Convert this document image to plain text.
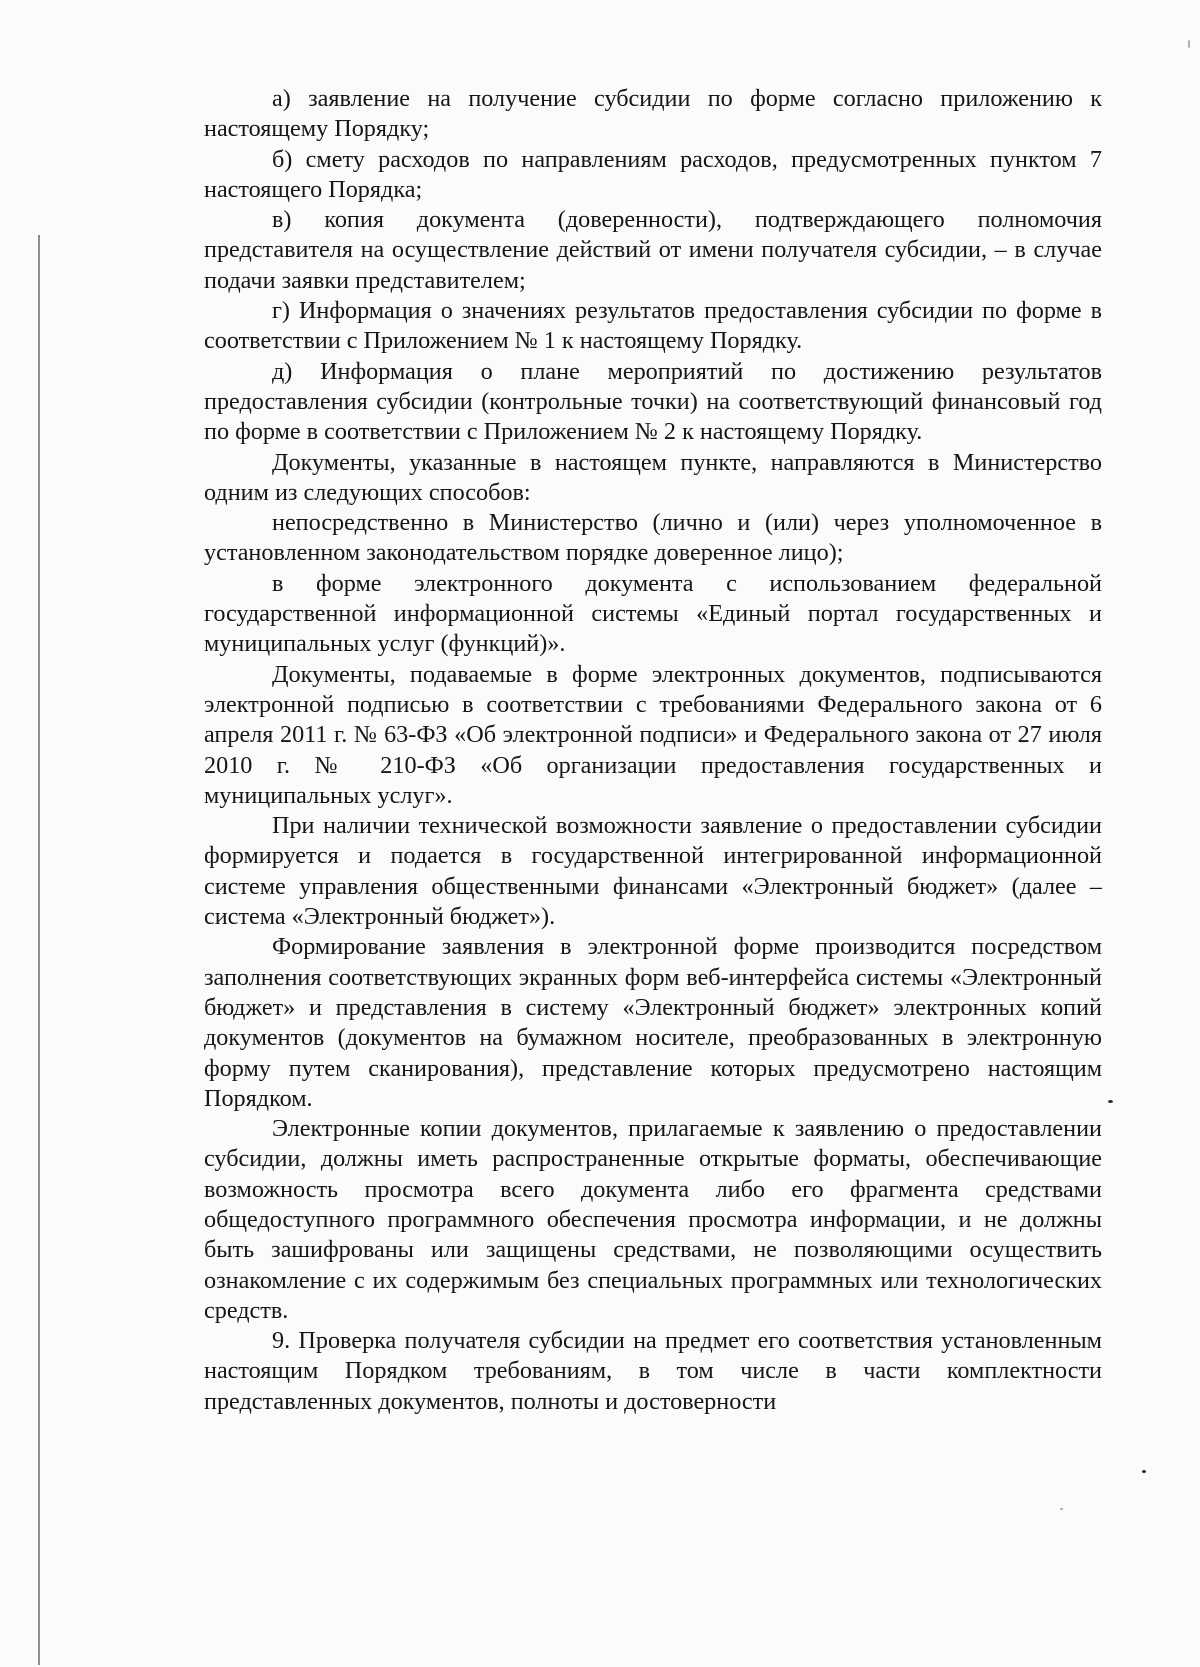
а) заявление на получение субсидии по форме согласно приложению к настоящему Порядку;

б) смету расходов по направлениям расходов, предусмотренных пунктом 7 настоящего Порядка;

в) копия документа (доверенности), подтверждающего полномочия представителя на осуществление действий от имени получателя субсидии, – в случае подачи заявки представителем;

г) Информация о значениях результатов предоставления субсидии по форме в соответствии с Приложением № 1 к настоящему Порядку.

д) Информация о плане мероприятий по достижению результатов предоставления субсидии (контрольные точки) на соответствующий финансовый год по форме в соответствии с Приложением № 2 к настоящему Порядку.

Документы, указанные в настоящем пункте, направляются в Министерство одним из следующих способов:

непосредственно в Министерство (лично и (или) через уполномоченное в установленном законодательством порядке доверенное лицо);

в форме электронного документа с использованием федеральной государственной информационной системы «Единый портал государственных и муниципальных услуг (функций)».

Документы, подаваемые в форме электронных документов, подписываются электронной подписью в соответствии с требованиями Федерального закона от 6 апреля 2011 г. № 63-ФЗ «Об электронной подписи» и Федерального закона от 27 июля 2010 г. № 210-ФЗ «Об организации предоставления государственных и муниципальных услуг».

При наличии технической возможности заявление о предоставлении субсидии формируется и подается в государственной интегрированной информационной системе управления общественными финансами «Электронный бюджет» (далее – система «Электронный бюджет»).

Формирование заявления в электронной форме производится посредством заполнения соответствующих экранных форм веб-интерфейса системы «Электронный бюджет» и представления в систему «Электронный бюджет» электронных копий документов (документов на бумажном носителе, преобразованных в электронную форму путем сканирования), представление которых предусмотрено настоящим Порядком.

Электронные копии документов, прилагаемые к заявлению о предоставлении субсидии, должны иметь распространенные открытые форматы, обеспечивающие возможность просмотра всего документа либо его фрагмента средствами общедоступного программного обеспечения просмотра информации, и не должны быть зашифрованы или защищены средствами, не позволяющими осуществить ознакомление с их содержимым без специальных программных или технологических средств.

9. Проверка получателя субсидии на предмет его соответствия установленным настоящим Порядком требованиям, в том числе в части комплектности представленных документов, полноты и достоверности
